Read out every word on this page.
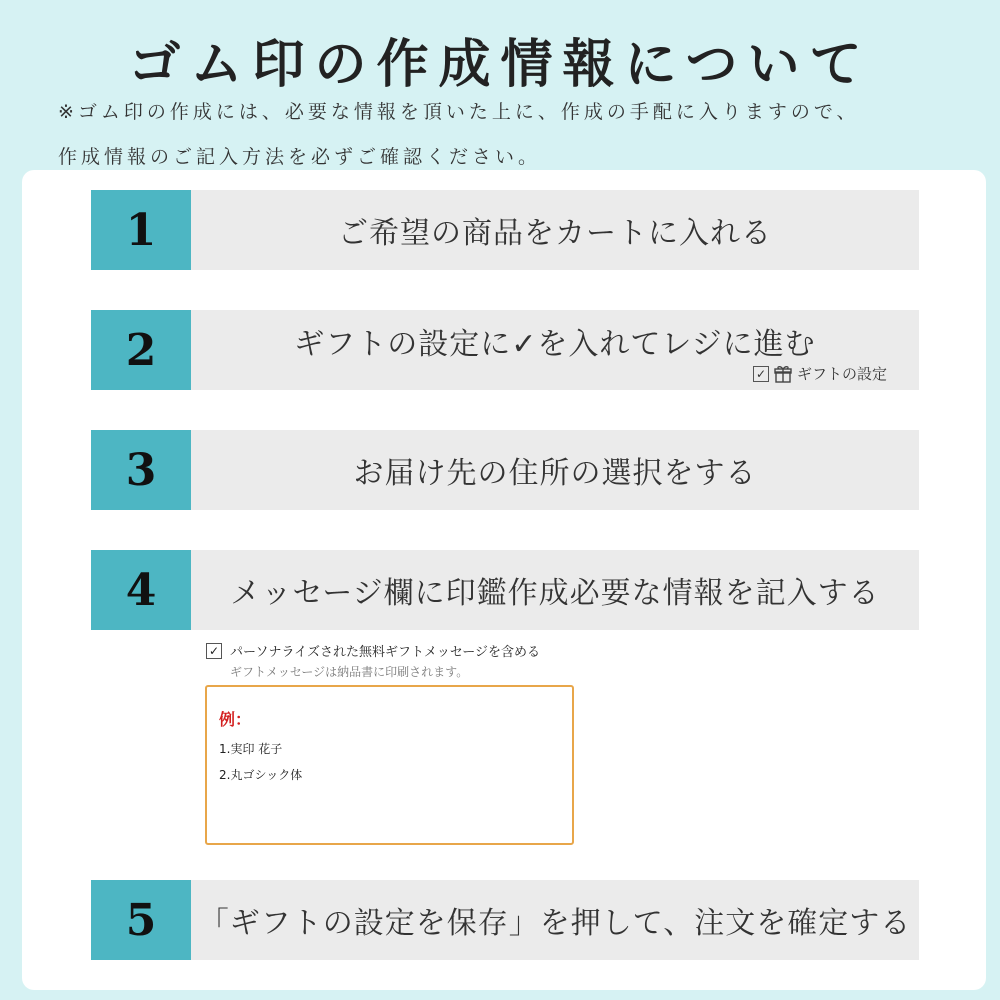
ゴム印の作成情報について
※ゴム印の作成には、必要な情報を頂いた上に、作成の手配に入りますので、
作成情報のご記入方法を必ずご確認ください。
1	ご希望の商品をカートに入れる
2	ギフトの設定に✓を入れてレジに進む
✓ ギフトの設定
3	お届け先の住所の選択をする
4	メッセージ欄に印鑑作成必要な情報を記入する
✓ パーソナライズされた無料ギフトメッセージを含める
ギフトメッセージは納品書に印刷されます。
例：
1.実印 花子
2.丸ゴシック体
5	「ギフトの設定を保存」を押して、注文を確定する
